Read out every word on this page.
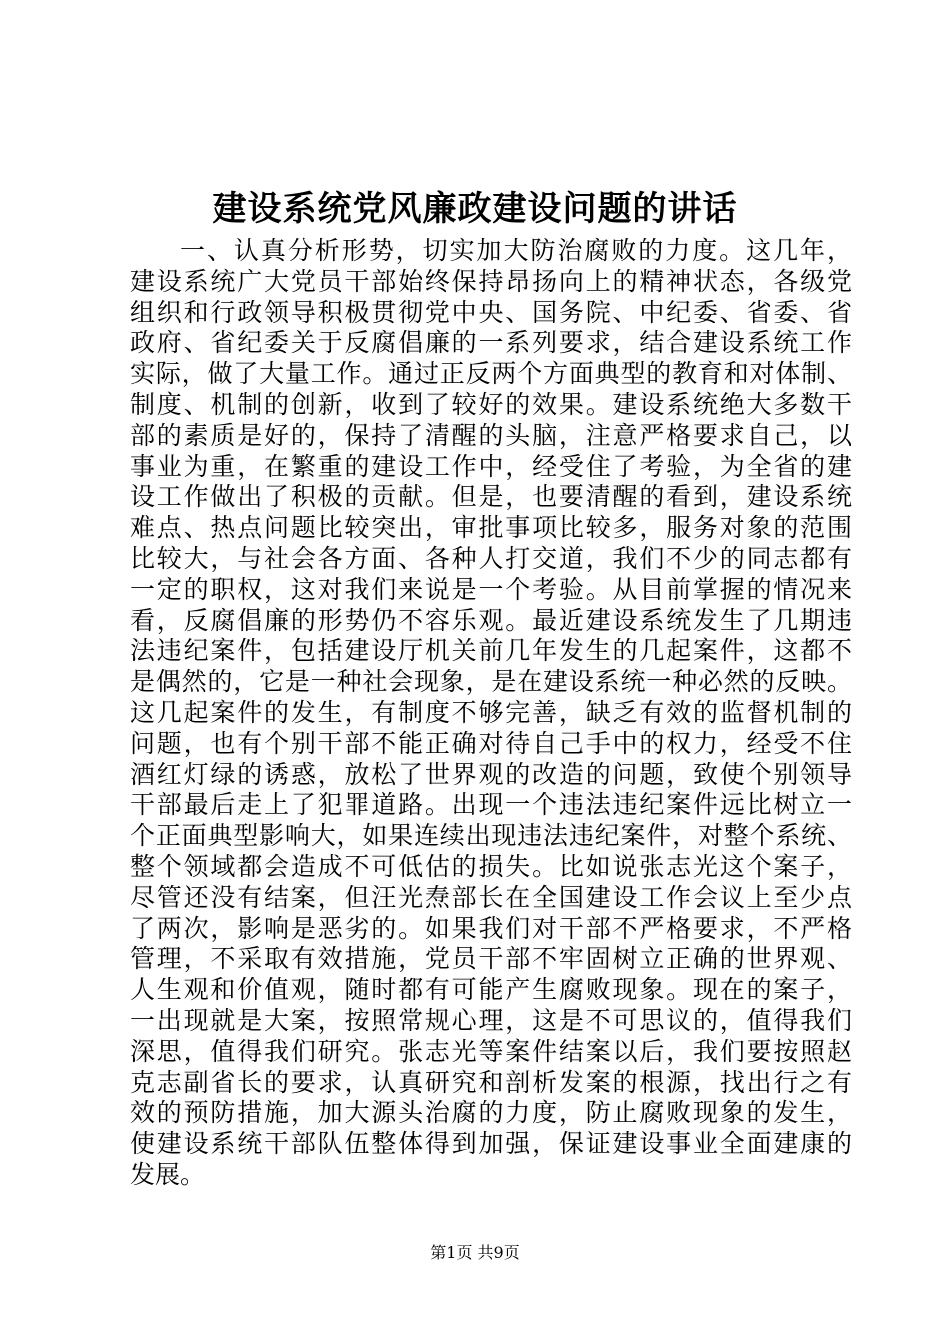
建设系统党风廉政建设问题的讲话
一、认真分析形势，切实加大防治腐败的力度。这几年，
建设系统广大党员干部始终保持昂扬向上的精神状态，各级党
组织和行政领导积极贯彻党中央、国务院、中纪委、省委、省
政府、省纪委关于反腐倡廉的一系列要求，结合建设系统工作
实际，做了大量工作。通过正反两个方面典型的教育和对体制、
制度、机制的创新，收到了较好的效果。建设系统绝大多数干
部的素质是好的，保持了清醒的头脑，注意严格要求自己，以
事业为重，在繁重的建设工作中，经受住了考验，为全省的建
设工作做出了积极的贡献。但是，也要清醒的看到，建设系统
难点、热点问题比较突出，审批事项比较多，服务对象的范围
比较大，与社会各方面、各种人打交道，我们不少的同志都有
一定的职权，这对我们来说是一个考验。从目前掌握的情况来
看，反腐倡廉的形势仍不容乐观。最近建设系统发生了几期违
法违纪案件，包括建设厅机关前几年发生的几起案件，这都不
是偶然的，它是一种社会现象，是在建设系统一种必然的反映。
这几起案件的发生，有制度不够完善，缺乏有效的监督机制的
问题，也有个别干部不能正确对待自己手中的权力，经受不住
酒红灯绿的诱惑，放松了世界观的改造的问题，致使个别领导
干部最后走上了犯罪道路。出现一个违法违纪案件远比树立一
个正面典型影响大，如果连续出现违法违纪案件，对整个系统、
整个领域都会造成不可低估的损失。比如说张志光这个案子，
尽管还没有结案，但汪光焘部长在全国建设工作会议上至少点
了两次，影响是恶劣的。如果我们对干部不严格要求，不严格
管理，不采取有效措施，党员干部不牢固树立正确的世界观、
人生观和价值观，随时都有可能产生腐败现象。现在的案子，
一出现就是大案，按照常规心理，这是不可思议的，值得我们
深思，值得我们研究。张志光等案件结案以后，我们要按照赵
克志副省长的要求，认真研究和剖析发案的根源，找出行之有
效的预防措施，加大源头治腐的力度，防止腐败现象的发生，
使建设系统干部队伍整体得到加强，保证建设事业全面建康的
发展。
第1页 共9页
